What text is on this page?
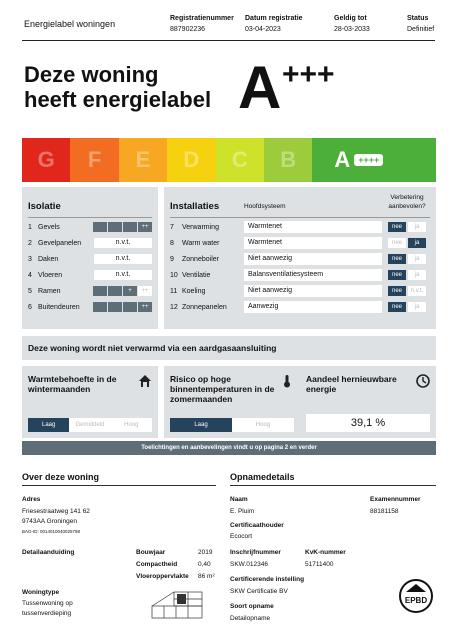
Energielabel woningen
Registratienummer
887902236
Datum registratie
03-04-2023
Geldig tot
28-03-2033
Status
Definitief
Deze woning
heeft energielabel A +++
G	F	E	D	C	B	A ++++
Isolatie
1 Gevels	++
2 Gevelpanelen	n.v.t.
3 Daken	n.v.t.
4 Vloeren	n.v.t.
5 Ramen	+	++
6 Buitendeuren	++
Installaties	Hoofdsysteem
Verbetering aanbevolen?
7	Verwarming	Warmtenet	nee	ja
8	Warm water	Warmtenet	nee	ja
9	Zonneboiler	Niet aanwezig	nee	ja
10 Ventilatie	Balansventilatiesysteem	nee	ja
11 Koeling	Niet aanwezig	nee	n.v.t.
12 Zonnepanelen	Aanwezig	nee	ja
Deze woning wordt niet verwarmd via een aardgasaansluiting
Warmtebehoefte in de wintermaanden
Laag	Gemiddeld	Hoog
Risico op hoge binnentemperaturen in de zomermaanden
Laag	Hoog
Aandeel hernieuwbare energie
39,1 %
Toelichtingen en aanbevelingen vindt u op pagina 2 en verder
Over deze woning
Adres
Friesestraatweg 141 62
9743AA Groningen
BAG-ID: 0014010040025798
Detailaanduiding	Bouwjaar	2019
Compactheid	0,40
Vloeroppervlakte 86 m²
Woningtype
Tussenwoning op
tussenverdieping
Opnamedetails
Naam
E. Pluim
Examennummer
88181158
Certificaathouder
Ecocort
Inschrijfnummer
SKW.012346
KvK-nummer
51711400
Certificerende instelling
SKW Certificatie BV
Soort opname
Detailopname
EPBD
